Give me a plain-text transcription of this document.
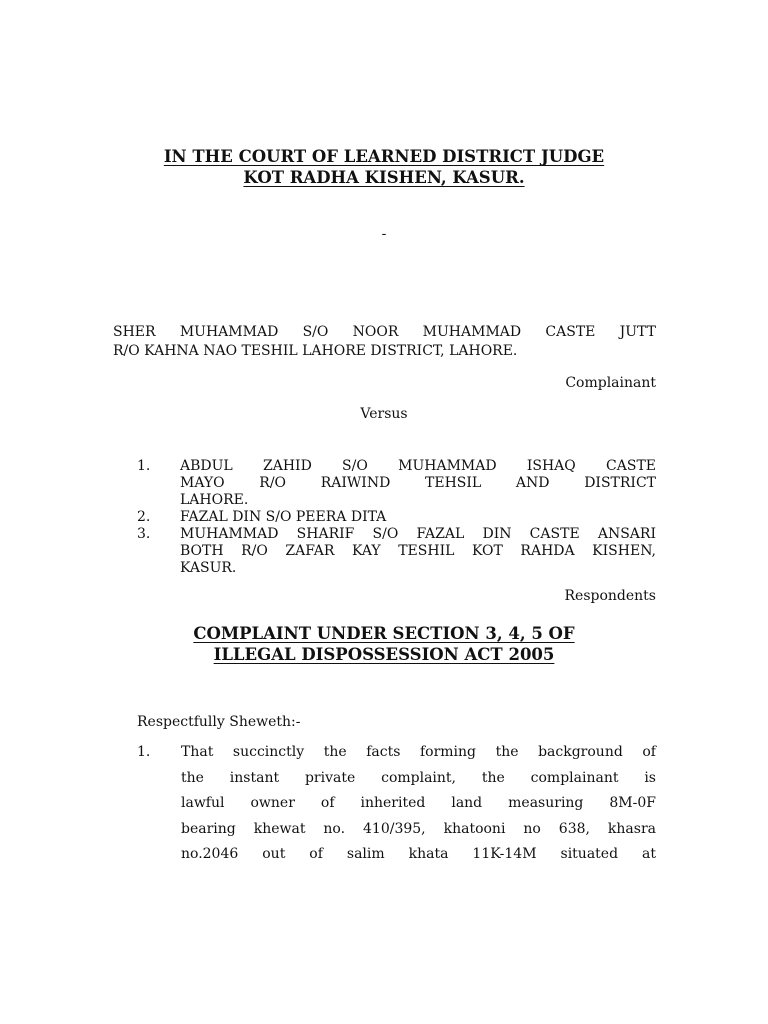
IN THE COURT OF LEARNED DISTRICT JUDGE
KOT RADHA KISHEN, KASUR.
-
SHER MUHAMMAD S/O NOOR MUHAMMAD CASTE JUTT
R/O KAHNA NAO TESHIL LAHORE DISTRICT, LAHORE.
Complainant
Versus
1. ABDUL ZAHID S/O MUHAMMAD ISHAQ CASTE
MAYO R/O RAIWIND TEHSIL AND DISTRICT
LAHORE.
2. FAZAL DIN S/O PEERA DITA
3. MUHAMMAD SHARIF S/O FAZAL DIN CASTE ANSARI
BOTH R/O ZAFAR KAY TESHIL KOT RAHDA KISHEN,
KASUR.
Respondents
COMPLAINT UNDER SECTION 3, 4, 5 OF
ILLEGAL DISPOSSESSION ACT 2005
Respectfully Sheweth:-
1. That succinctly the facts forming the background of
the instant private complaint, the complainant is
lawful owner of inherited land measuring 8M-0F
bearing khewat no. 410/395, khatooni no 638, khasra
no.2046 out of salim khata 11K-14M situated at
